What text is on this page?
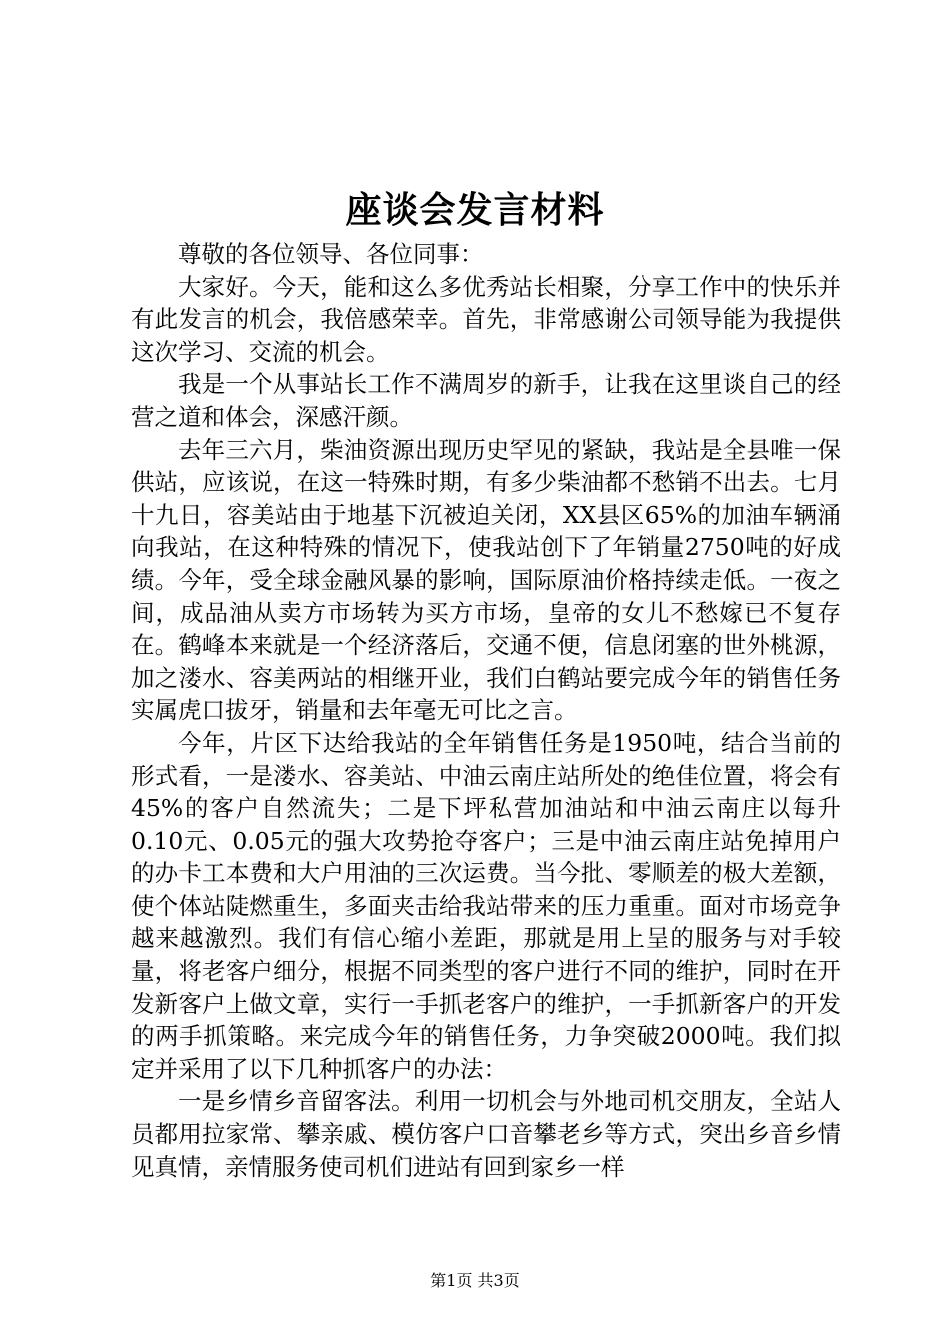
座谈会发言材料

尊敬的各位领导、各位同事：

大家好。今天，能和这么多优秀站长相聚，分享工作中的快乐并有此发言的机会，我倍感荣幸。首先，非常感谢公司领导能为我提供这次学习、交流的机会。

我是一个从事站长工作不满周岁的新手，让我在这里谈自己的经营之道和体会，深感汗颜。

去年三六月，柴油资源出现历史罕见的紧缺，我站是全县唯一保供站，应该说，在这一特殊时期，有多少柴油都不愁销不出去。七月十九日，容美站由于地基下沉被迫关闭，XX县区65%的加油车辆涌向我站，在这种特殊的情况下，使我站创下了年销量2750吨的好成绩。今年，受全球金融风暴的影响，国际原油价格持续走低。一夜之间，成品油从卖方市场转为买方市场，皇帝的女儿不愁嫁已不复存在。鹤峰本来就是一个经济落后，交通不便，信息闭塞的世外桃源，加之溇水、容美两站的相继开业，我们白鹤站要完成今年的销售任务实属虎口拔牙，销量和去年毫无可比之言。

今年，片区下达给我站的全年销售任务是1950吨，结合当前的形式看，一是溇水、容美站、中油云南庄站所处的绝佳位置，将会有45%的客户自然流失；二是下坪私营加油站和中油云南庄以每升0.10元、0.05元的强大攻势抢夺客户；三是中油云南庄站免掉用户的办卡工本费和大户用油的三次运费。当今批、零顺差的极大差额，使个体站陡燃重生，多面夹击给我站带来的压力重重。面对市场竞争越来越激烈。我们有信心缩小差距，那就是用上呈的服务与对手较量，将老客户细分，根据不同类型的客户进行不同的维护，同时在开发新客户上做文章，实行一手抓老客户的维护，一手抓新客户的开发的两手抓策略。来完成今年的销售任务，力争突破2000吨。我们拟定并采用了以下几种抓客户的办法：

一是乡情乡音留客法。利用一切机会与外地司机交朋友，全站人员都用拉家常、攀亲戚、模仿客户口音攀老乡等方式，突出乡音乡情见真情，亲情服务使司机们进站有回到家乡一样

第1页 共3页
